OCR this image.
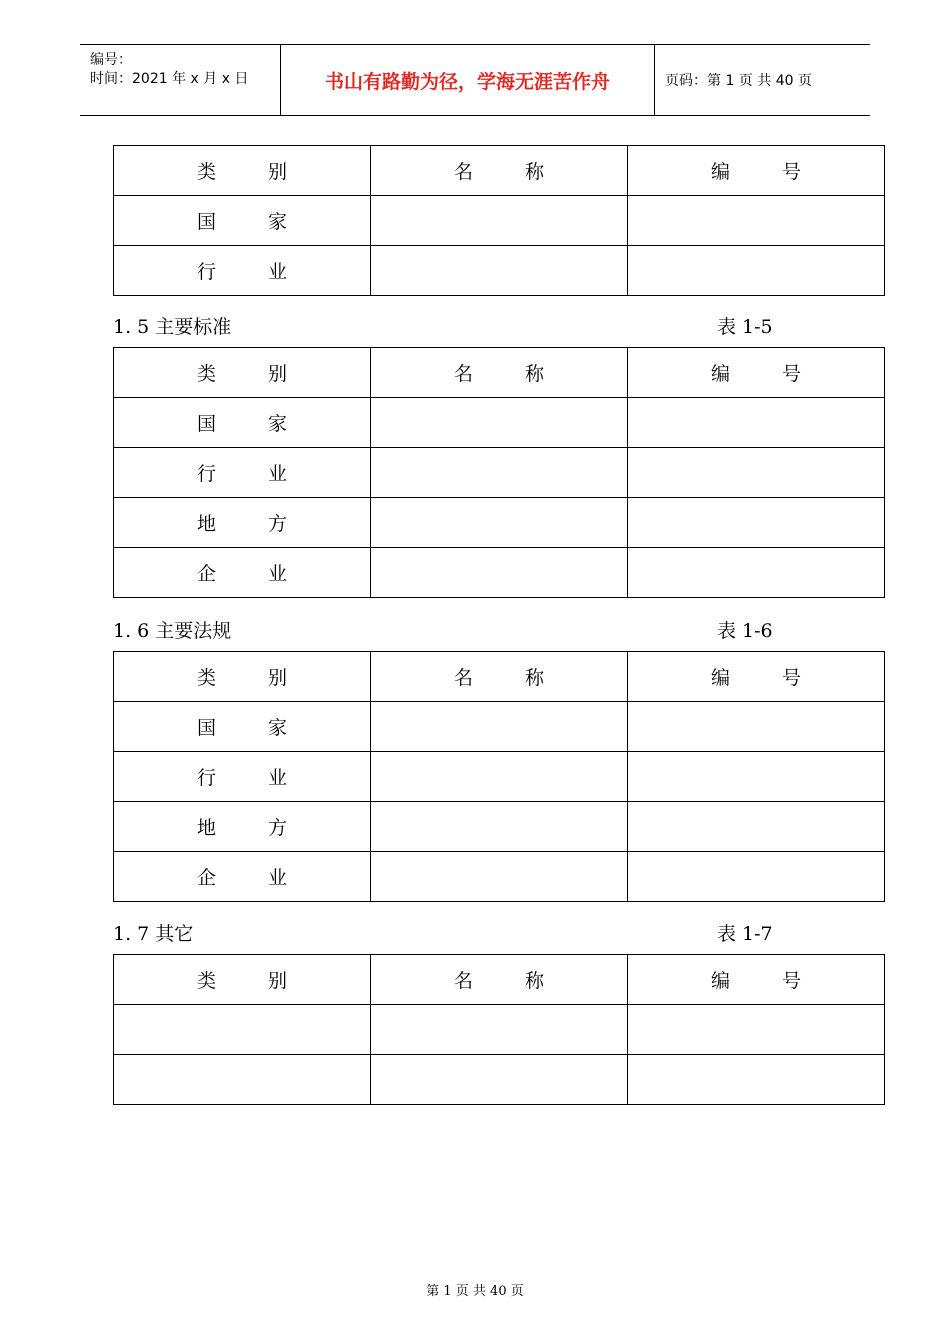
编号：
时间：2021 年 x 月 x 日	书山有路勤为径，学海无涯苦作舟	页码：第 1 页 共 40 页
类 别	名 称	编 号
国 家		
行 业		
1. 5 主要标准	表 1-5
类 别	名 称	编 号
国 家		
行 业		
地 方		
企 业		
1. 6 主要法规	表 1-6
类 别	名 称	编 号
国 家		
行 业		
地 方		
企 业		
1. 7 其它	表 1-7
类 别	名 称	编 号

第 1 页 共 40 页
